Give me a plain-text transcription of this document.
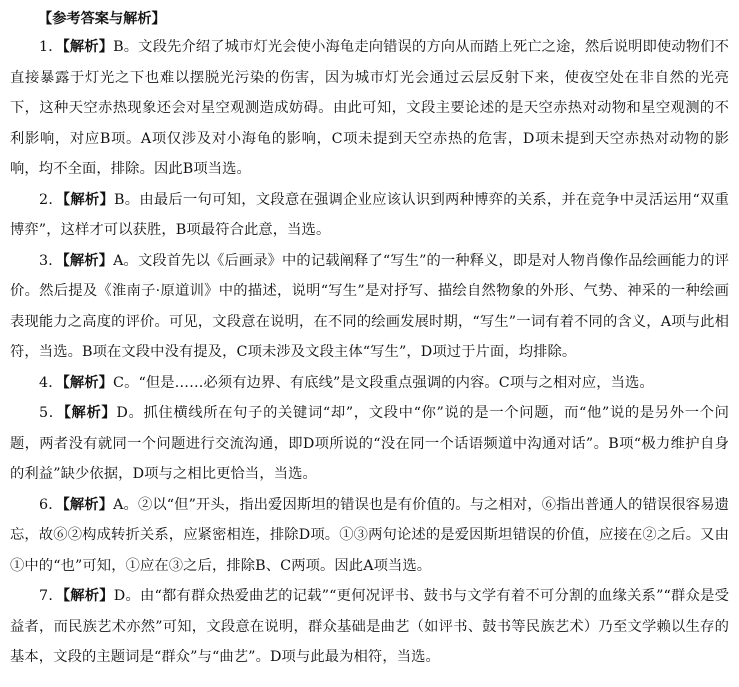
【参考答案与解析】

1．【解析】B。文段先介绍了城市灯光会使小海龟走向错误的方向从而踏上死亡之途，然后说明即使动物们不直接暴露于灯光之下也难以摆脱光污染的伤害，因为城市灯光会通过云层反射下来，使夜空处在非自然的光亮下，这种天空赤热现象还会对星空观测造成妨碍。由此可知，文段主要论述的是天空赤热对动物和星空观测的不利影响，对应B项。A项仅涉及对小海龟的影响，C项未提到天空赤热的危害，D项未提到天空赤热对动物的影响，均不全面，排除。因此B项当选。

2．【解析】B。由最后一句可知，文段意在强调企业应该认识到两种博弈的关系，并在竞争中灵活运用“双重博弈”，这样才可以获胜，B项最符合此意，当选。

3．【解析】A。文段首先以《后画录》中的记载阐释了“写生”的一种释义，即是对人物肖像作品绘画能力的评价。然后提及《淮南子·原道训》中的描述，说明“写生”是对抒写、描绘自然物象的外形、气势、神采的一种绘画表现能力之高度的评价。可见，文段意在说明，在不同的绘画发展时期，“写生”一词有着不同的含义，A项与此相符，当选。B项在文段中没有提及，C项未涉及文段主体“写生”，D项过于片面，均排除。

4．【解析】C。“但是……必须有边界、有底线”是文段重点强调的内容。C项与之相对应，当选。

5．【解析】D。抓住横线所在句子的关键词“却”，文段中“你”说的是一个问题，而“他”说的是另外一个问题，两者没有就同一个问题进行交流沟通，即D项所说的“没在同一个话语频道中沟通对话”。B项“极力维护自身的利益”缺少依据，D项与之相比更恰当，当选。

6．【解析】A。②以“但”开头，指出爱因斯坦的错误也是有价值的。与之相对，⑥指出普通人的错误很容易遗忘，故⑥②构成转折关系，应紧密相连，排除D项。①③两句论述的是爱因斯坦错误的价值，应接在②之后。又由①中的“也”可知，①应在③之后，排除B、C两项。因此A项当选。

7．【解析】D。由“都有群众热爱曲艺的记载”“更何况评书、鼓书与文学有着不可分割的血缘关系”“群众是受益者，而民族艺术亦然”可知，文段意在说明，群众基础是曲艺（如评书、鼓书等民族艺术）乃至文学赖以生存的基本，文段的主题词是“群众”与“曲艺”。D项与此最为相符，当选。
